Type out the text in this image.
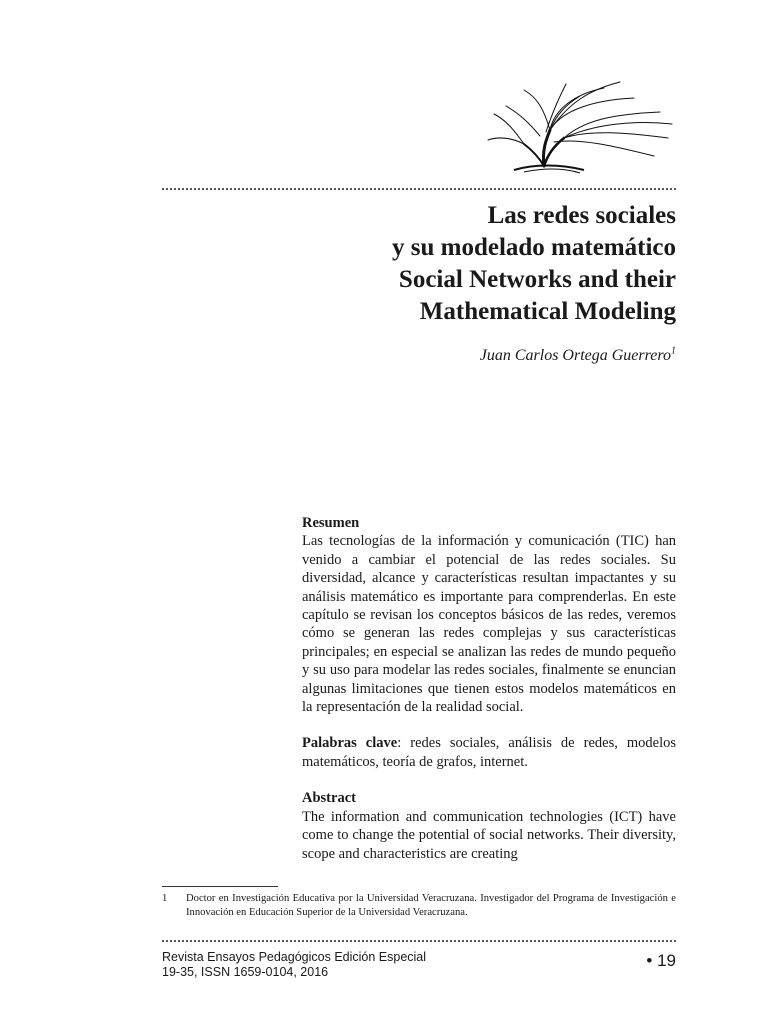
Las redes sociales
y su modelado matemático
Social Networks and their
Mathematical Modeling
Juan Carlos Ortega Guerrero$^1$
Resumen

Las tecnologías de la información y comunicación (TIC) han venido a cambiar el potencial de las redes sociales. Su diversidad, alcance y características resultan impactantes y su análisis matemático es importante para comprenderlas. En este capítulo se revisan los conceptos básicos de las redes, veremos cómo se generan las redes complejas y sus características principales; en especial se analizan las redes de mundo pequeño y su uso para modelar las redes sociales, finalmente se enuncian algunas limitaciones que tienen estos modelos matemáticos en la representación de la realidad social.

Palabras clave: redes sociales, análisis de redes, modelos matemáticos, teoría de grafos, internet.

Abstract

The information and communication technologies (ICT) have come to change the potential of social networks. Their diversity, scope and characteristics are creating

1	Doctor en Investigación Educativa por la Universidad Veracruzana. Investigador del Programa de Investigación e Innovación en Educación Superior de la Universidad Veracruzana.
Revista Ensayos Pedagógicos Edición Especial
19-35, ISSN 1659-0104, 2016
• 19
